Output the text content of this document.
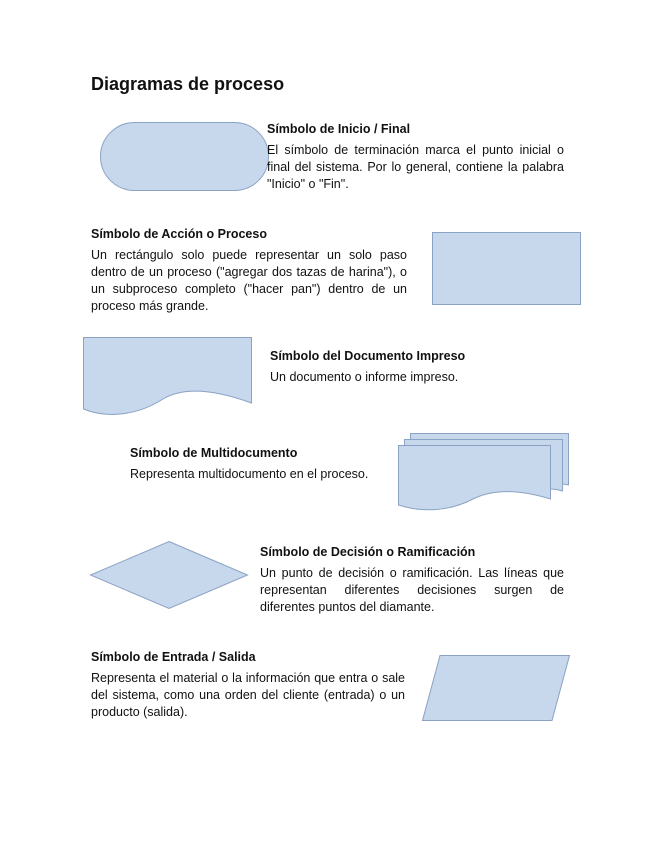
Diagramas de proceso

Símbolo de Inicio / Final

El símbolo de terminación marca el punto inicial o final del sistema. Por lo general, contiene la palabra "Inicio" o "Fin".

Símbolo de Acción o Proceso

Un rectángulo solo puede representar un solo paso dentro de un proceso ("agregar dos tazas de harina"), o un subproceso completo ("hacer pan") dentro de un proceso más grande.

Símbolo del Documento Impreso

Un documento o informe impreso.

Símbolo de Multidocumento

Representa multidocumento en el proceso.

Símbolo de Decisión o Ramificación

Un punto de decisión o ramificación. Las líneas que representan diferentes decisiones surgen de diferentes puntos del diamante.

Símbolo de Entrada / Salida

Representa el material o la información que entra o sale del sistema, como una orden del cliente (entrada) o un producto (salida).
